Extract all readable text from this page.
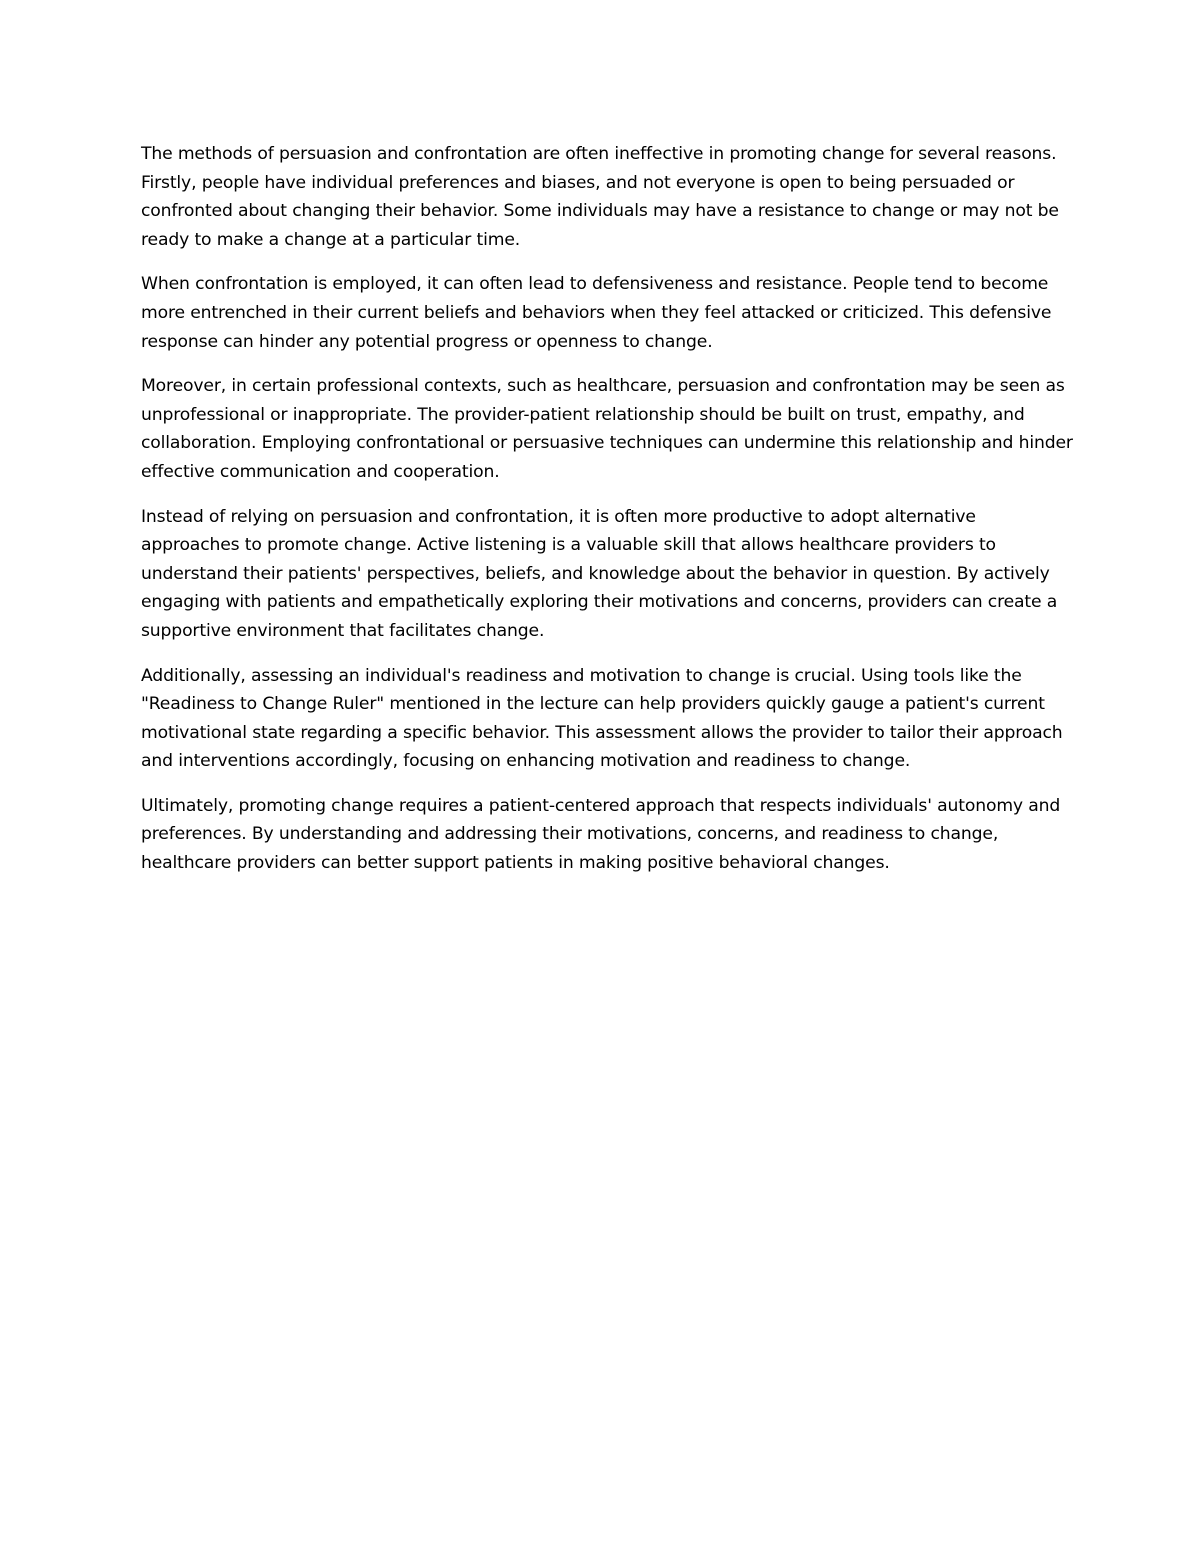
The methods of persuasion and confrontation are often ineffective in promoting change for several reasons. Firstly, people have individual preferences and biases, and not everyone is open to being persuaded or confronted about changing their behavior. Some individuals may have a resistance to change or may not be ready to make a change at a particular time.

When confrontation is employed, it can often lead to defensiveness and resistance. People tend to become more entrenched in their current beliefs and behaviors when they feel attacked or criticized. This defensive response can hinder any potential progress or openness to change.

Moreover, in certain professional contexts, such as healthcare, persuasion and confrontation may be seen as unprofessional or inappropriate. The provider-patient relationship should be built on trust, empathy, and collaboration. Employing confrontational or persuasive techniques can undermine this relationship and hinder effective communication and cooperation.

Instead of relying on persuasion and confrontation, it is often more productive to adopt alternative approaches to promote change. Active listening is a valuable skill that allows healthcare providers to understand their patients' perspectives, beliefs, and knowledge about the behavior in question. By actively engaging with patients and empathetically exploring their motivations and concerns, providers can create a supportive environment that facilitates change.

Additionally, assessing an individual's readiness and motivation to change is crucial. Using tools like the "Readiness to Change Ruler" mentioned in the lecture can help providers quickly gauge a patient's current motivational state regarding a specific behavior. This assessment allows the provider to tailor their approach and interventions accordingly, focusing on enhancing motivation and readiness to change.

Ultimately, promoting change requires a patient-centered approach that respects individuals' autonomy and preferences. By understanding and addressing their motivations, concerns, and readiness to change, healthcare providers can better support patients in making positive behavioral changes.
